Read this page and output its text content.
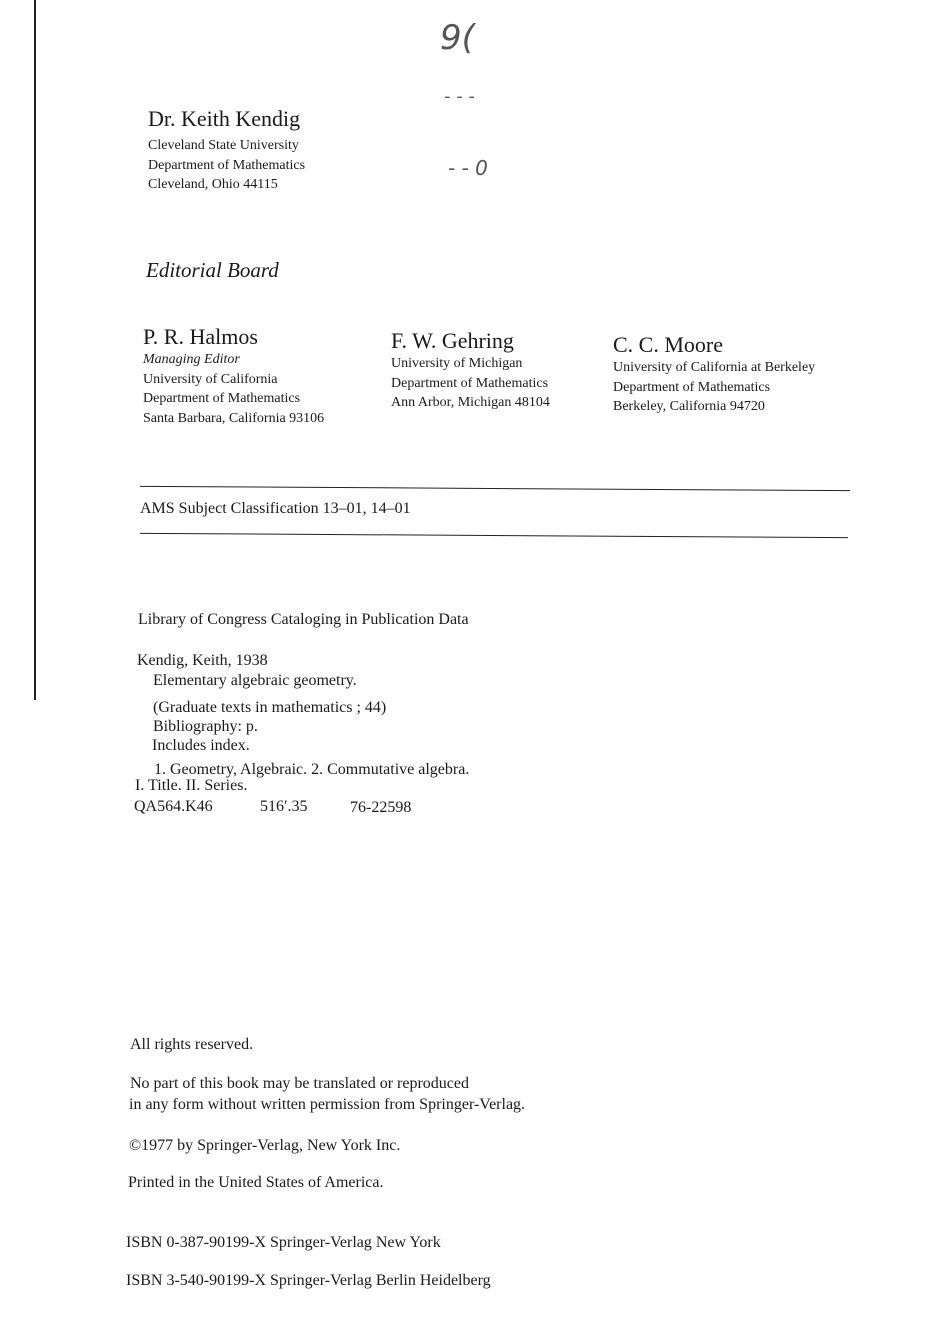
9(
- - -
- - 0
Dr. Keith Kendig
Cleveland State University
Department of Mathematics
Cleveland, Ohio 44115
Editorial Board
P. R. Halmos
Managing Editor
University of California
Department of Mathematics
Santa Barbara, California 93106
F. W. Gehring
University of Michigan
Department of Mathematics
Ann Arbor, Michigan 48104
C. C. Moore
University of California at Berkeley
Department of Mathematics
Berkeley, California 94720
AMS Subject Classification 13–01, 14–01
Library of Congress Cataloging in Publication Data
Kendig, Keith, 1938
Elementary algebraic geometry.
(Graduate texts in mathematics ; 44)
Bibliography: p.
Includes index.
1. Geometry, Algebraic. 2. Commutative algebra.
I. Title. II. Series.
QA564.K46	516′.35	76-22598
All rights reserved.
No part of this book may be translated or reproduced
in any form without written permission from Springer-Verlag.
©1977 by Springer-Verlag, New York Inc.
Printed in the United States of America.
ISBN 0-387-90199-X Springer-Verlag New York
ISBN 3-540-90199-X Springer-Verlag Berlin Heidelberg
